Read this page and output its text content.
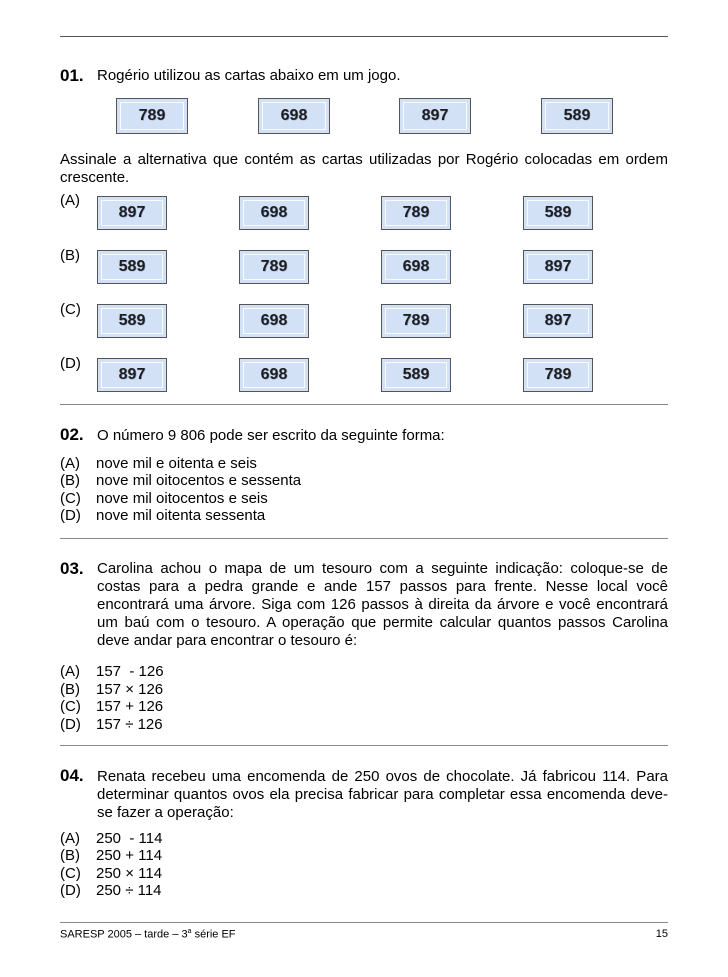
01. Rogério utilizou as cartas abaixo em um jogo.
789	698	897	589
Assinale a alternativa que contém as cartas utilizadas por Rogério colocadas em ordem crescente.
(A)
897	698	789	589
(B)
589	789	698	897
(C)
589	698	789	897
(D)
897	698	589	789
02. O número 9 806 pode ser escrito da seguinte forma:
(A) nove mil e oitenta e seis
(B) nove mil oitocentos e sessenta
(C) nove mil oitocentos e seis
(D) nove mil oitenta sessenta
03. Carolina achou o mapa de um tesouro com a seguinte indicação: coloque-se de costas para a pedra grande e ande 157 passos para frente. Nesse local você encontrará uma árvore. Siga com 126 passos à direita da árvore e você encontrará um baú com o tesouro. A operação que permite calcular quantos passos Carolina deve andar para encontrar o tesouro é:
(A) 157  - 126
(B) 157 × 126
(C) 157 + 126
(D) 157 ÷ 126
04. Renata recebeu uma encomenda de 250 ovos de chocolate. Já fabricou 114. Para determinar quantos ovos ela precisa fabricar para completar essa encomenda deve-se fazer a operação:
(A) 250  - 114
(B) 250 + 114
(C) 250 × 114
(D) 250 ÷ 114
SARESP 2005 – tarde – 3$^a$ série EF	15
